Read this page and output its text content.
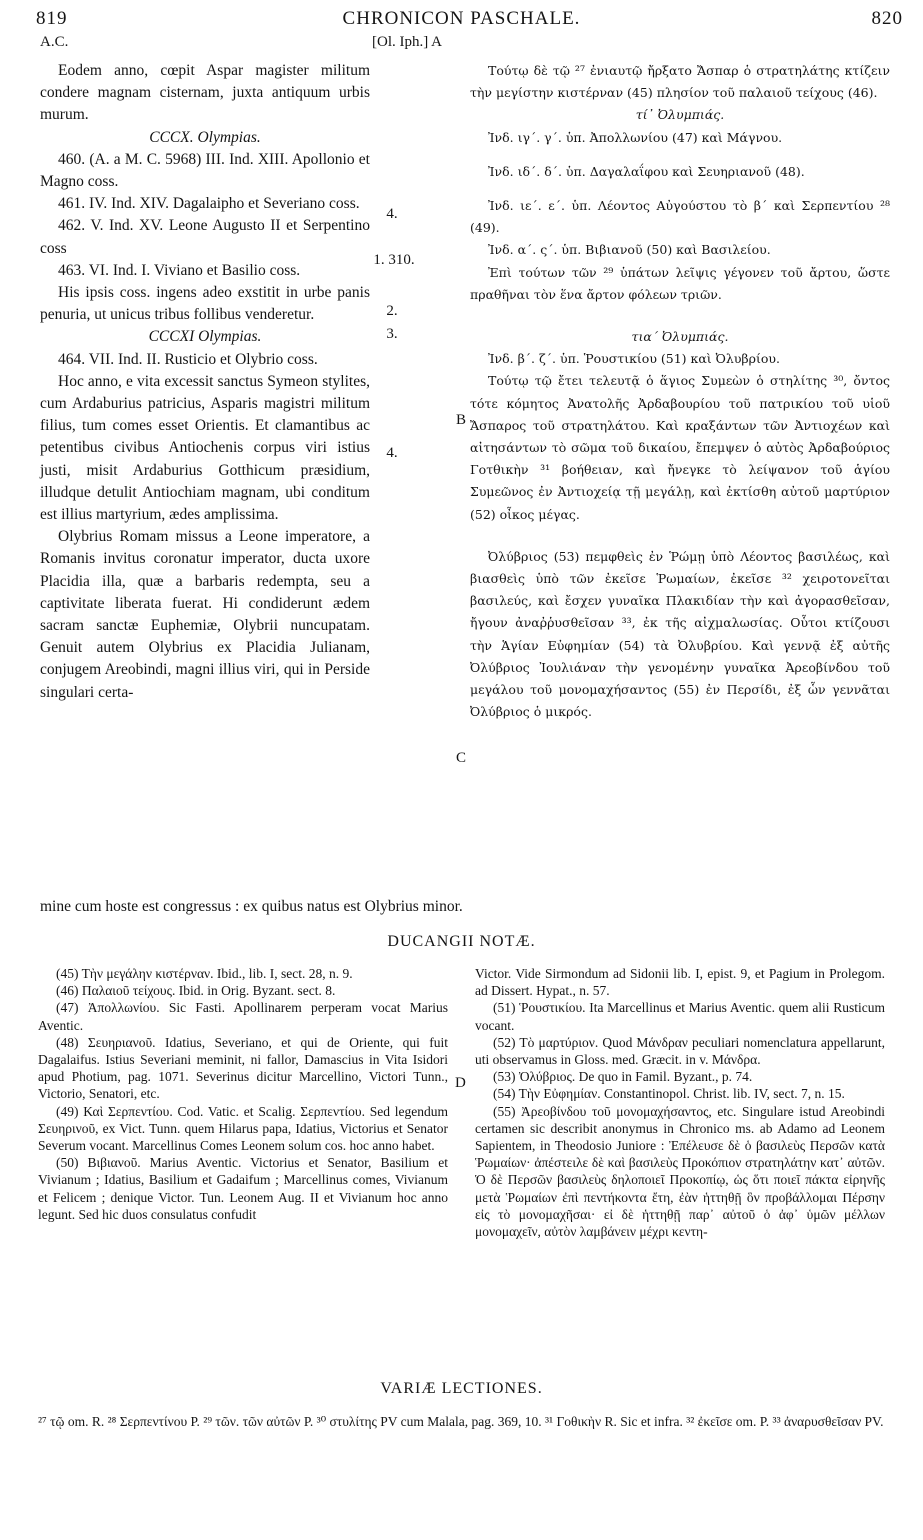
819	CHRONICON PASCHALE.	820
A.C.	[Ol. Iph.] A

Eodem anno, cœpit Aspar magister militum condere magnam cisternam, juxta antiquum urbis murum.

CCCX. Olympias.

460. (A. a M. C. 5968) III. Ind. XIII. Apollonio et Magno coss.

461. IV. Ind. XIV. Dagalaipho et Severiano coss.

462. V. Ind. XV. Leone Augusto II et Serpentino coss

463. VI. Ind. I. Viviano et Basilio coss.

His ipsis coss. ingens adeo exstitit in urbe panis penuria, ut unicus tribus follibus venderetur.

CCCXI Olympias.

464. VII. Ind. II. Rusticio et Olybrio coss.

Hoc anno, e vita excessit sanctus Symeon stylites, cum Ardaburius patricius, Asparis magistri militum filius, tum comes esset Orientis. Et clamantibus ac petentibus civibus Antiochenis corpus viri istius justi, misit Ardaburius Gotthicum præsidium, illudque detulit Antiochiam magnam, ubi conditum est illius martyrium, ædes amplissima.

Olybrius Romam missus a Leone imperatore, a Romanis invitus coronatur imperator, ducta uxore Placidia illa, quæ a barbaris redempta, seu a captivitate liberata fuerat. Hi condiderunt ædem sacram sanctæ Euphemiæ, Olybrii nuncupatam. Genuit autem Olybrius ex Placidia Julianam, conjugem Areobindi, magni illius viri, qui in Perside singulari certa-

4.
1. 310.
2.
3.
4.
B
C
D

Τούτῳ δὲ τῷ ²⁷ ἐνιαυτῷ ἤρξατο Ἄσπαρ ὁ στρατηλάτης κτίζειν τὴν μεγίστην κιστέρναν (45) πλησίον τοῦ παλαιοῦ τείχους (46).

τί᾽ Ὀλυμπιάς.

Ἰνδ. ιγ΄. γ΄. ὑπ. Ἀπολλωνίου (47) καὶ Μάγνου.

Ἰνδ. ιδ΄. δ΄. ὑπ. Δαγαλαΐφου καὶ Σευηριανοῦ (48).

Ἰνδ. ιε΄. ε΄. ὑπ. Λέοντος Αὐγούστου τὸ β΄ καὶ Σερπεντίου ²⁸ (49).

Ἰνδ. α΄. ς΄. ὑπ. Βιβιανοῦ (50) καὶ Βασιλείου.

Ἐπὶ τούτων τῶν ²⁹ ὑπάτων λεῖψις γέγονεν τοῦ ἄρτου, ὥστε πραθῆναι τὸν ἕνα ἄρτον φόλεων τριῶν.

τια΄ Ὀλυμπιάς.

Ἰνδ. β΄. ζ΄. ὑπ. Ῥουστικίου (51) καὶ Ὀλυβρίου.

Τούτῳ τῷ ἔτει τελευτᾷ ὁ ἅγιος Συμεὼν ὁ στηλίτης ³⁰, ὄντος τότε κόμητος Ἀνατολῆς Ἀρδαβουρίου τοῦ πατρικίου τοῦ υἱοῦ Ἄσπαρος τοῦ στρατηλάτου. Καὶ κραξάντων τῶν Ἀντιοχέων καὶ αἰτησάντων τὸ σῶμα τοῦ δικαίου, ἔπεμψεν ὁ αὐτὸς Ἀρδαβούριος Γοτθικὴν ³¹ βοήθειαν, καὶ ἤνεγκε τὸ λείψανον τοῦ ἁγίου Συμεῶνος ἐν Ἀντιοχείᾳ τῇ μεγάλῃ, καὶ ἐκτίσθη αὐτοῦ μαρτύριον (52) οἶκος μέγας.

Ὀλύβριος (53) πεμφθεὶς ἐν Ῥώμῃ ὑπὸ Λέοντος βασιλέως, καὶ βιασθεὶς ὑπὸ τῶν ἐκεῖσε Ῥωμαίων, ἐκεῖσε ³² χειροτονεῖται βασιλεύς, καὶ ἔσχεν γυναῖκα Πλακιδίαν τὴν καὶ ἀγορασθεῖσαν, ἤγουν ἀναῤῥυσθεῖσαν ³³, ἐκ τῆς αἰχμαλωσίας. Οὗτοι κτίζουσι τὴν Ἁγίαν Εὐφημίαν (54) τὰ Ὀλυβρίου. Καὶ γεννᾷ ἐξ αὐτῆς Ὀλύβριος Ἰουλιάναν τὴν γενομένην γυναῖκα Ἀρεοβίνδου τοῦ μεγάλου τοῦ μονομαχήσαντος (55) ἐν Περσίδι, ἐξ ὧν γεννᾶται Ὀλύβριος ὁ μικρός.

mine cum hoste est congressus : ex quibus natus est Olybrius minor.
DUCANGII NOTÆ.

(45) Τὴν μεγάλην κιστέρναν. Ibid., lib. I, sect. 28, n. 9.

(46) Παλαιοῦ τείχους. Ibid. in Orig. Byzant. sect. 8.

(47) Ἀπολλωνίου. Sic Fasti. Apollinarem perperam vocat Marius Aventic.

(48) Σευηριανοῦ. Idatius, Severiano, et qui de Oriente, qui fuit Dagalaifus. Istius Severiani meminit, ni fallor, Damascius in Vita Isidori apud Photium, pag. 1071. Severinus dicitur Marcellino, Victori Tunn., Victorio, Senatori, etc.

(49) Καὶ Σερπεντίου. Cod. Vatic. et Scalig. Σερπεντίου. Sed legendum Σευηρινοῦ, ex Vict. Tunn. quem Hilarus papa, Idatius, Victorius et Senator Severum vocant. Marcellinus Comes Leonem solum cos. hoc anno habet.

(50) Βιβιανοῦ. Marius Aventic. Victorius et Senator, Basilium et Vivianum ; Idatius, Basilium et Gadaifum ; Marcellinus comes, Vivianum et Felicem ; denique Victor. Tun. Leonem Aug. II et Vivianum hoc anno legunt. Sed hic duos consulatus confudit

Victor. Vide Sirmondum ad Sidonii lib. I, epist. 9, et Pagium in Prolegom. ad Dissert. Hypat., n. 57.

(51) Ῥουστικίου. Ita Marcellinus et Marius Aventic. quem alii Rusticum vocant.

(52) Τὸ μαρτύριον. Quod Μάνδραν peculiari nomenclatura appellarunt, uti observamus in Gloss. med. Græcit. in v. Μάνδρα.

(53) Ὀλύβριος. De quo in Famil. Byzant., p. 74.

(54) Τὴν Εὐφημίαν. Constantinopol. Christ. lib. IV, sect. 7, n. 15.

(55) Ἀρεοβίνδου τοῦ μονομαχήσαντος, etc. Singulare istud Areobindi certamen sic describit anonymus in Chronico ms. ab Adamo ad Leonem Sapientem, in Theodosio Juniore : Ἐπέλευσε δὲ ὁ βασιλεὺς Περσῶν κατὰ Ῥωμαίων· ἀπέστειλε δὲ καὶ βασιλεὺς Προκόπιον στρατηλάτην κατ᾽ αὐτῶν. Ὁ δὲ Περσῶν βασιλεὺς δηλοποιεῖ Προκοπίῳ, ὡς ὅτι ποιεῖ πάκτα εἰρηνῆς μετὰ Ῥωμαίων ἐπὶ πεντήκοντα ἔτη, ἐὰν ἡττηθῇ ὃν προβάλλομαι Πέρσην εἰς τὸ μονομαχῆσαι· εἰ δὲ ἡττηθῇ παρ᾽ αὐτοῦ ὁ ἀφ᾽ ὑμῶν μέλλων μονομαχεῖν, αὐτὸν λαμβάνειν μέχρι κεντη-

VARIÆ LECTIONES.
²⁷ τῷ om. R. ²⁸ Σερπεντίνου P. ²⁹ τῶν. τῶν αὐτῶν P. ³⁰ στυλίτης PV cum Malala, pag. 369, 10. ³¹ Γοθικὴν R. Sic et infra. ³² ἐκεῖσε om. P. ³³ ἀναρυσθεῖσαν PV.
